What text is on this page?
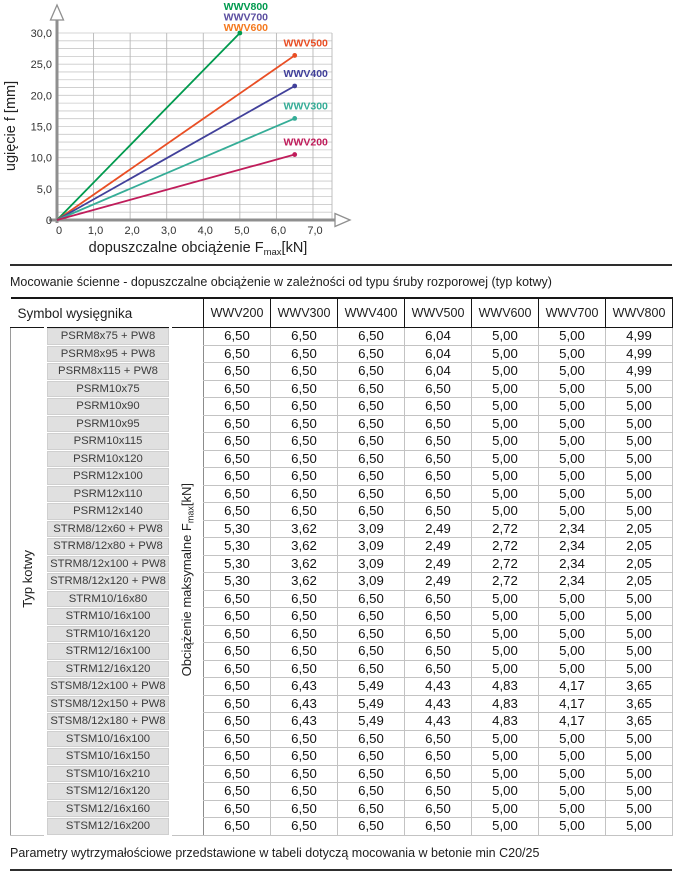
0 1,0 2,0 3,0 4,0 5,0 6,0 7,0
0
5,0
10,0
15,0
20,0
25,0
30,0
WWV500
WWV400
WWV300
WWV200
WWV800
WWV700
WWV600
dopuszczalne obciążenie $F_{max}[kN]$
ugięcie f [mm]

Mocowanie ścienne - dopuszczalne obciążenie w zależności od typu śruby rozporowej (typ kotwy)

Symbol wysięgnika			WWV200	WWV300	WWV400	WWV500	WWV600	WWV700	WWV800
Typ kotwy	PSRM8x75 + PW8	Obciążenie maksymalne $F_{max}[kN]$	6,50	6,50	6,50	6,04	5,00	5,00	4,99
	PSRM8x95 + PW8		6,50	6,50	6,50	6,04	5,00	5,00	4,99
	PSRM8x115 + PW8		6,50	6,50	6,50	6,04	5,00	5,00	4,99
	PSRM10x75		6,50	6,50	6,50	6,50	5,00	5,00	5,00
	PSRM10x90		6,50	6,50	6,50	6,50	5,00	5,00	5,00
	PSRM10x95		6,50	6,50	6,50	6,50	5,00	5,00	5,00
	PSRM10x115		6,50	6,50	6,50	6,50	5,00	5,00	5,00
	PSRM10x120		6,50	6,50	6,50	6,50	5,00	5,00	5,00
	PSRM12x100		6,50	6,50	6,50	6,50	5,00	5,00	5,00
	PSRM12x110		6,50	6,50	6,50	6,50	5,00	5,00	5,00
	PSRM12x140		6,50	6,50	6,50	6,50	5,00	5,00	5,00
	STRM8/12x60 + PW8		5,30	3,62	3,09	2,49	2,72	2,34	2,05
	STRM8/12x80 + PW8		5,30	3,62	3,09	2,49	2,72	2,34	2,05
	STRM8/12x100 + PW8		5,30	3,62	3,09	2,49	2,72	2,34	2,05
	STRM8/12x120 + PW8		5,30	3,62	3,09	2,49	2,72	2,34	2,05
	STRM10/16x80		6,50	6,50	6,50	6,50	5,00	5,00	5,00
	STRM10/16x100		6,50	6,50	6,50	6,50	5,00	5,00	5,00
	STRM10/16x120		6,50	6,50	6,50	6,50	5,00	5,00	5,00
	STRM12/16x100		6,50	6,50	6,50	6,50	5,00	5,00	5,00
	STRM12/16x120		6,50	6,50	6,50	6,50	5,00	5,00	5,00
	STSM8/12x100 + PW8		6,50	6,43	5,49	4,43	4,83	4,17	3,65
	STSM8/12x150 + PW8		6,50	6,43	5,49	4,43	4,83	4,17	3,65
	STSM8/12x180 + PW8		6,50	6,43	5,49	4,43	4,83	4,17	3,65
	STSM10/16x100		6,50	6,50	6,50	6,50	5,00	5,00	5,00
	STSM10/16x150		6,50	6,50	6,50	6,50	5,00	5,00	5,00
	STSM10/16x210		6,50	6,50	6,50	6,50	5,00	5,00	5,00
	STSM12/16x120		6,50	6,50	6,50	6,50	5,00	5,00	5,00
	STSM12/16x160		6,50	6,50	6,50	6,50	5,00	5,00	5,00
	STSM12/16x200		6,50	6,50	6,50	6,50	5,00	5,00	5,00

Parametry wytrzymałościowe przedstawione w tabeli dotyczą mocowania w betonie min C20/25
